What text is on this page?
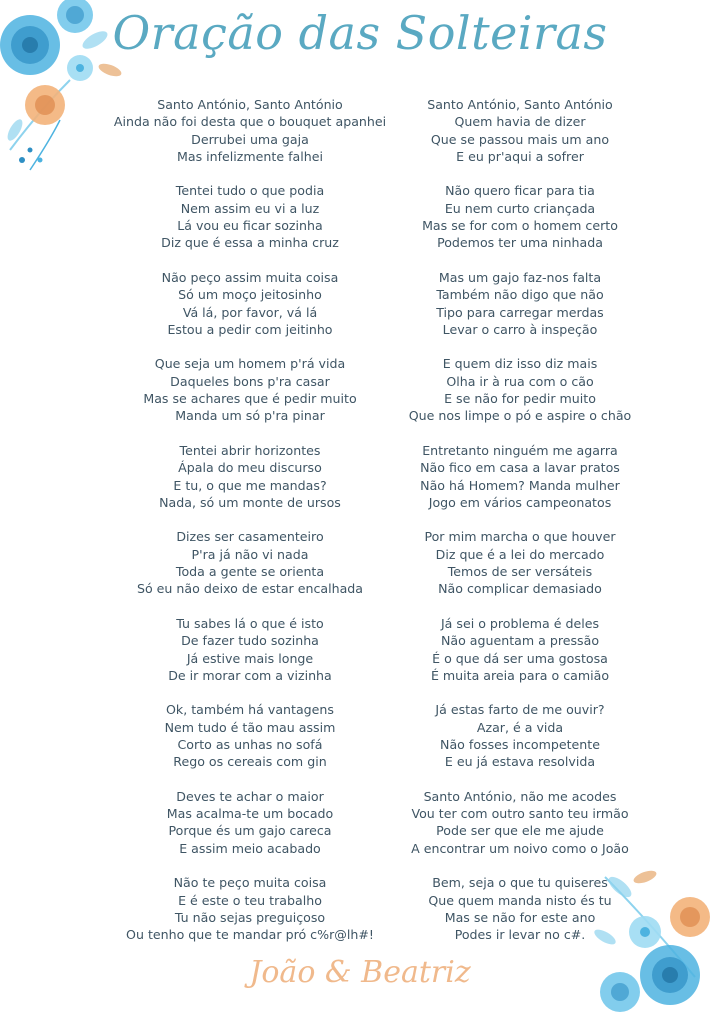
Oração das Solteiras
Santo António, Santo António
Ainda não foi desta que o bouquet apanhei
Derrubei uma gaja
Mas infelizmente falhei
Tentei tudo o que podia
Nem assim eu vi a luz
Lá vou eu ficar sozinha
Diz que é essa a minha cruz
Não peço assim muita coisa
Só um moço jeitosinho
Vá lá, por favor, vá lá
Estou a pedir com jeitinho
Que seja um homem p'rá vida
Daqueles bons p'ra casar
Mas se achares que é pedir muito
Manda um só p'ra pinar
Tentei abrir horizontes
Ápala do meu discurso
E tu, o que me mandas?
Nada, só um monte de ursos
Dizes ser casamenteiro
P'ra já não vi nada
Toda a gente se orienta
Só eu não deixo de estar encalhada
Tu sabes lá o que é isto
De fazer tudo sozinha
Já estive mais longe
De ir morar com a vizinha
Ok, também há vantagens
Nem tudo é tão mau assim
Corto as unhas no sofá
Rego os cereais com gin
Deves te achar o maior
Mas acalma-te um bocado
Porque és um gajo careca
E assim meio acabado
Não te peço muita coisa
E é este o teu trabalho
Tu não sejas preguiçoso
Ou tenho que te mandar pró c%r@lh#!
Santo António, Santo António
Quem havia de dizer
Que se passou mais um ano
E eu pr'aqui a sofrer
Não quero ficar para tia
Eu nem curto criançada
Mas se for com o homem certo
Podemos ter uma ninhada
Mas um gajo faz-nos falta
Também não digo que não
Tipo para carregar merdas
Levar o carro à inspeção
E quem diz isso diz mais
Olha ir à rua com o cão
E se não for pedir muito
Que nos limpe o pó e aspire o chão
Entretanto ninguém me agarra
Não fico em casa a lavar pratos
Não há Homem? Manda mulher
Jogo em vários campeonatos
Por mim marcha o que houver
Diz que é a lei do mercado
Temos de ser versáteis
Não complicar demasiado
Já sei o problema é deles
Não aguentam a pressão
É o que dá ser uma gostosa
É muita areia para o camião
Já estas farto de me ouvir?
Azar, é a vida
Não fosses incompetente
E eu já estava resolvida
Santo António, não me acodes
Vou ter com outro santo teu irmão
Pode ser que ele me ajude
A encontrar um noivo como o João
Bem, seja o que tu quiseres
Que quem manda nisto és tu
Mas se não for este ano
Podes ir levar no c#.
João & Beatriz
